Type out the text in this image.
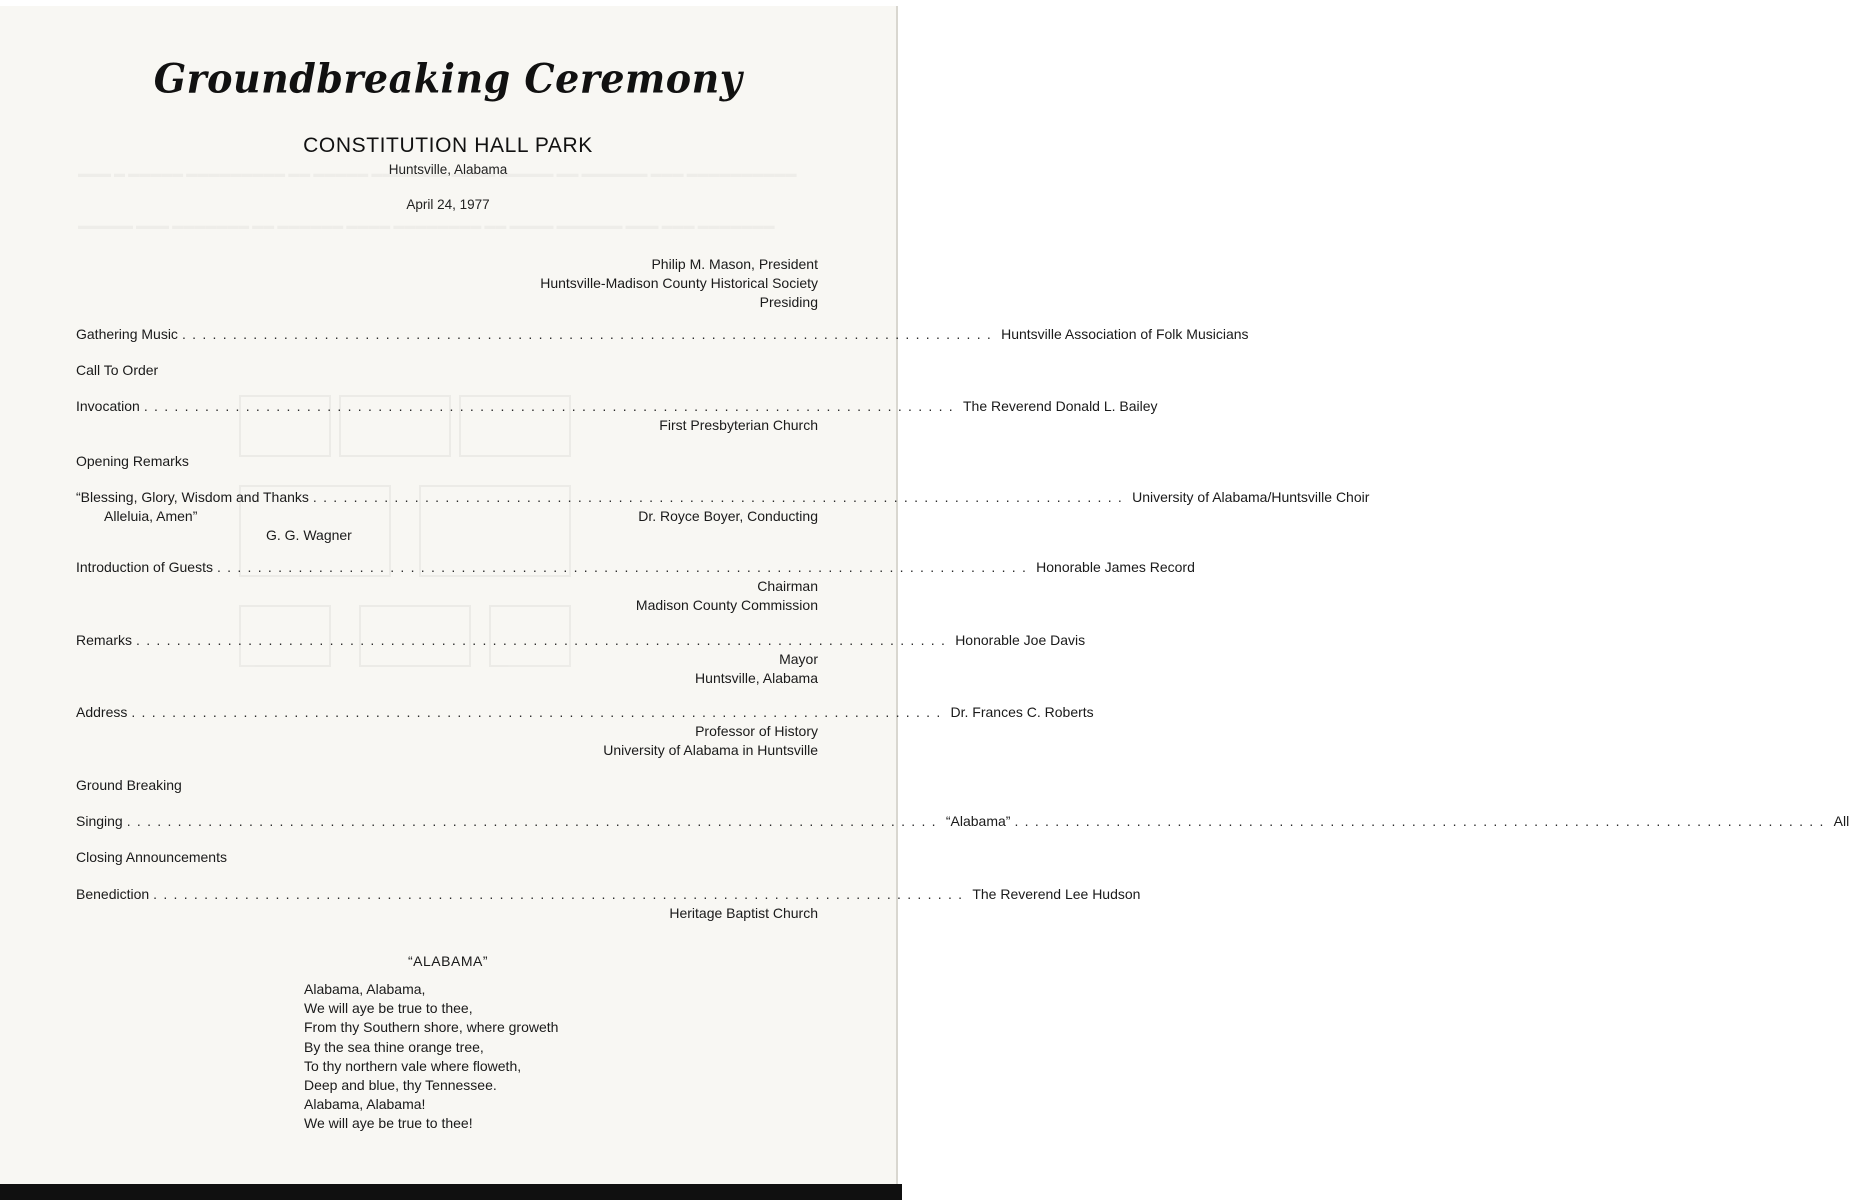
Groundbreaking Ceremony
CONSTITUTION HALL PARK
Huntsville, Alabama
April 24, 1977
Philip M. Mason, President
Huntsville-Madison County Historical Society
Presiding
Gathering Music ................................................................................ Huntsville Association of Folk Musicians
Call To Order
Invocation ................................................................................ The Reverend Donald L. Bailey
First Presbyterian Church
Opening Remarks
“Blessing, Glory, Wisdom and Thanks ................................................................................ University of Alabama/Huntsville Choir
Alleluia, Amen”	Dr. Royce Boyer, Conducting
G. G. Wagner
Introduction of Guests ................................................................................ Honorable James Record
Chairman
Madison County Commission
Remarks ................................................................................ Honorable Joe Davis
Mayor
Huntsville, Alabama
Address ................................................................................ Dr. Frances C. Roberts
Professor of History
University of Alabama in Huntsville
Ground Breaking
Singing ................................................................................ “Alabama” ................................................................................ All
Closing Announcements
Benediction ................................................................................ The Reverend Lee Hudson
Heritage Baptist Church
“ALABAMA”
Alabama, Alabama,
We will aye be true to thee,
From thy Southern shore, where groweth
By the sea thine orange tree,
To thy northern vale where floweth,
Deep and blue, thy Tennessee.
Alabama, Alabama!
We will aye be true to thee!
